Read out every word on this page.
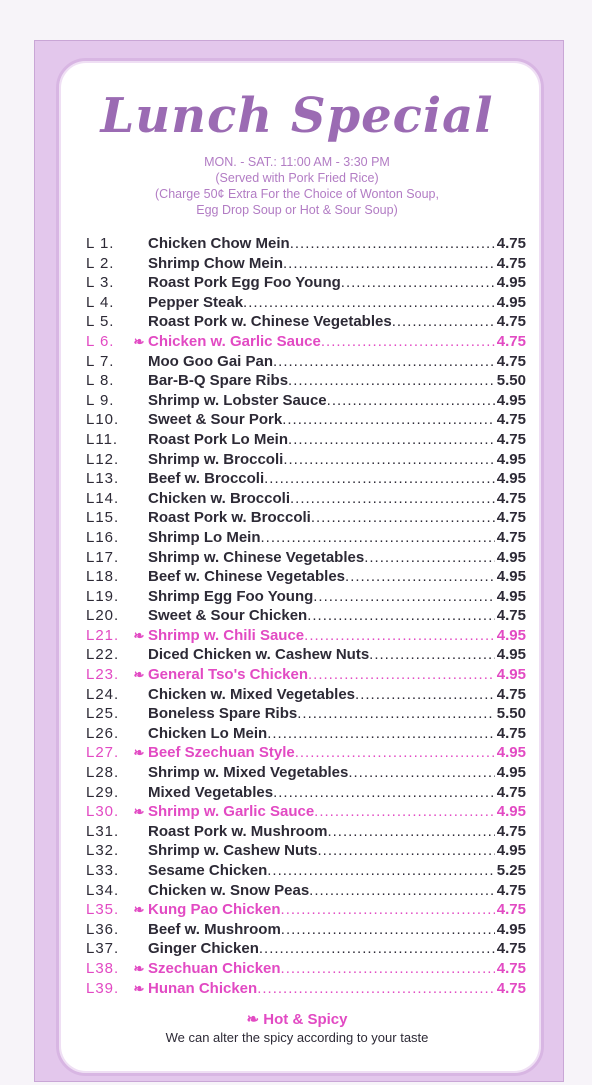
Lunch Special
MON. - SAT.: 11:00 AM - 3:30 PM
(Served with Pork Fried Rice)
(Charge 50¢ Extra For the Choice of Wonton Soup,
Egg Drop Soup or Hot & Sour Soup)
L 1.	Chicken Chow Mein .....	4.75
L 2.	Shrimp Chow Mein .....	4.75
L 3.	Roast Pork Egg Foo Young .....	4.95
L 4.	Pepper Steak .....	4.95
L 5.	Roast Pork w. Chinese Vegetables .....	4.75
L 6.	❧ Chicken w. Garlic Sauce .....	4.75
L 7.	Moo Goo Gai Pan .....	4.75
L 8.	Bar-B-Q Spare Ribs .....	5.50
L 9.	Shrimp w. Lobster Sauce .....	4.95
L10.	Sweet & Sour Pork .....	4.75
L11.	Roast Pork Lo Mein .....	4.75
L12.	Shrimp w. Broccoli .....	4.95
L13.	Beef w. Broccoli .....	4.95
L14.	Chicken w. Broccoli .....	4.75
L15.	Roast Pork w. Broccoli .....	4.75
L16.	Shrimp Lo Mein .....	4.75
L17.	Shrimp w. Chinese Vegetables .....	4.95
L18.	Beef w. Chinese Vegetables .....	4.95
L19.	Shrimp Egg Foo Young .....	4.95
L20.	Sweet & Sour Chicken .....	4.75
L21.	❧ Shrimp w. Chili Sauce .....	4.95
L22.	Diced Chicken w. Cashew Nuts .....	4.95
L23.	❧ General Tso's Chicken .....	4.95
L24.	Chicken w. Mixed Vegetables .....	4.75
L25.	Boneless Spare Ribs .....	5.50
L26.	Chicken Lo Mein .....	4.75
L27.	❧ Beef Szechuan Style .....	4.95
L28.	Shrimp w. Mixed Vegetables .....	4.95
L29.	Mixed Vegetables .....	4.75
L30.	❧ Shrimp w. Garlic Sauce .....	4.95
L31.	Roast Pork w. Mushroom .....	4.75
L32.	Shrimp w. Cashew Nuts .....	4.95
L33.	Sesame Chicken .....	5.25
L34.	Chicken w. Snow Peas .....	4.75
L35.	❧ Kung Pao Chicken .....	4.75
L36.	Beef w. Mushroom .....	4.95
L37.	Ginger Chicken .....	4.75
L38.	❧ Szechuan Chicken .....	4.75
L39.	❧ Hunan Chicken .....	4.75
❧ Hot & Spicy
We can alter the spicy according to your taste
